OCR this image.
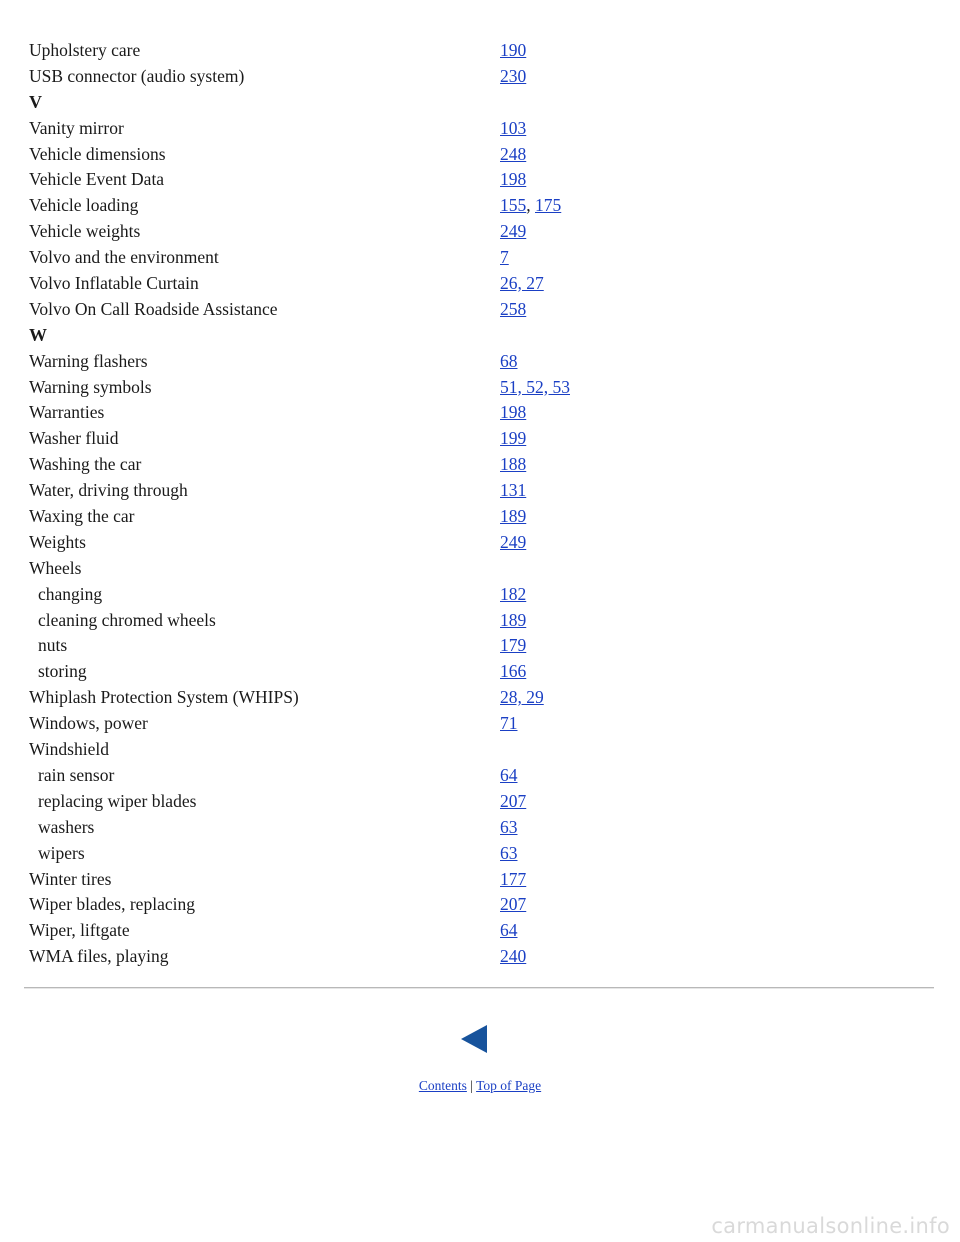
Upholstery care	190
USB connector (audio system)	230
V
Vanity mirror	103
Vehicle dimensions	248
Vehicle Event Data	198
Vehicle loading	155, 175
Vehicle weights	249
Volvo and the environment	7
Volvo Inflatable Curtain	26, 27
Volvo On Call Roadside Assistance	258
W
Warning flashers	68
Warning symbols	51, 52, 53
Warranties	198
Washer fluid	199
Washing the car	188
Water, driving through	131
Waxing the car	189
Weights	249
Wheels
changing	182
cleaning chromed wheels	189
nuts	179
storing	166
Whiplash Protection System (WHIPS)	28, 29
Windows, power	71
Windshield
rain sensor	64
replacing wiper blades	207
washers	63
wipers	63
Winter tires	177
Wiper blades, replacing	207
Wiper, liftgate	64
WMA files, playing	240
Contents | Top of Page
carmanualsonline.info
